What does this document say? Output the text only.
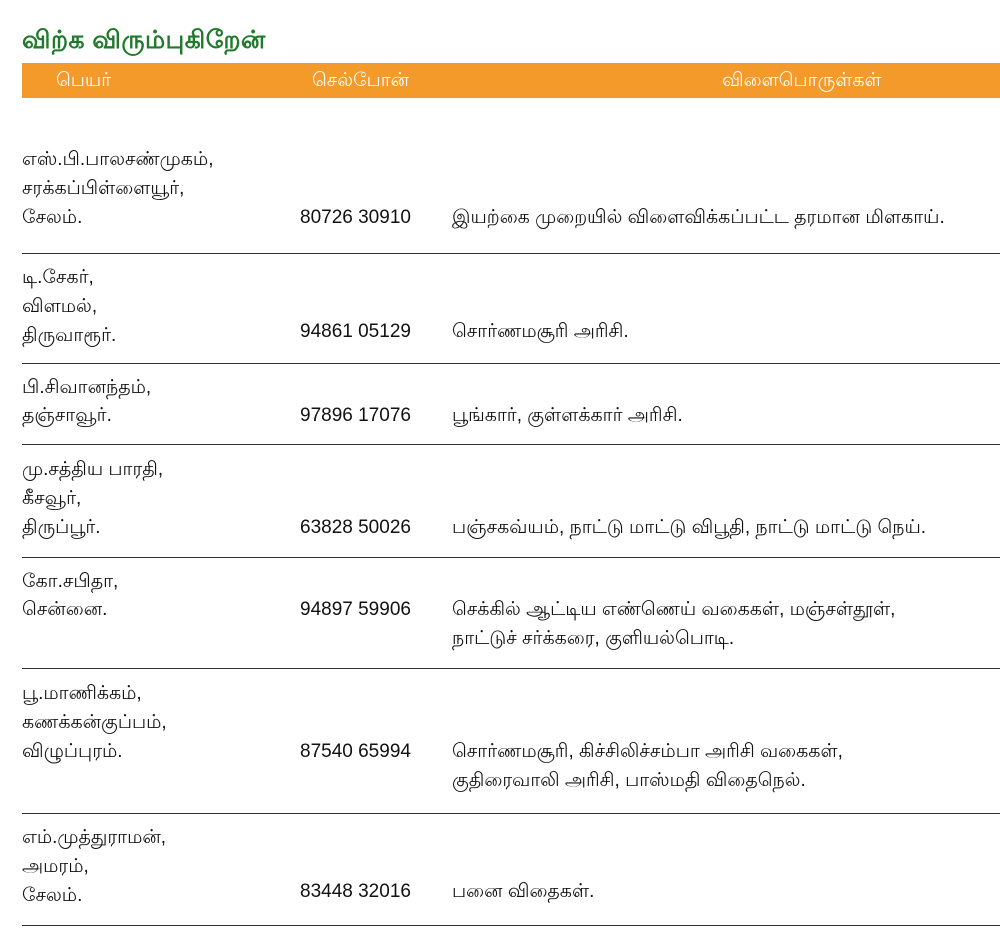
விற்க விரும்புகிறேன்
பெயர்	செல்போன்	விளைபொருள்கள்
எஸ்.பி.பாலசண்முகம்,
சரக்கப்பிள்ளையூர்,
சேலம்.	80726 30910 இயற்கை முறையில் விளைவிக்கப்பட்ட தரமான மிளகாய்.
டி.சேகர்,
விளமல்,
திருவாரூர்.	94861 05129 சொர்ணமசூரி அரிசி.
பி.சிவானந்தம்,
தஞ்சாவூர்.	97896 17076 பூங்கார், குள்ளக்கார் அரிசி.
மு.சத்திய பாரதி,
கீசவூர்,
திருப்பூர்.	63828 50026 பஞ்சகவ்யம், நாட்டு மாட்டு விபூதி, நாட்டு மாட்டு நெய்.
கோ.சபிதா,
சென்னை.	94897 59906 செக்கில் ஆட்டிய எண்ணெய் வகைகள், மஞ்சள்தூள்,
நாட்டுச் சர்க்கரை, குளியல்பொடி.
பூ.மாணிக்கம்,
கணக்கன்குப்பம்,
விழுப்புரம்.	87540 65994 சொர்ணமசூரி, கிச்சிலிச்சம்பா அரிசி வகைகள்,
குதிரைவாலி அரிசி, பாஸ்மதி விதைநெல்.
எம்.முத்துராமன்,
அமரம்,
சேலம்.	83448 32016 பனை விதைகள்.
